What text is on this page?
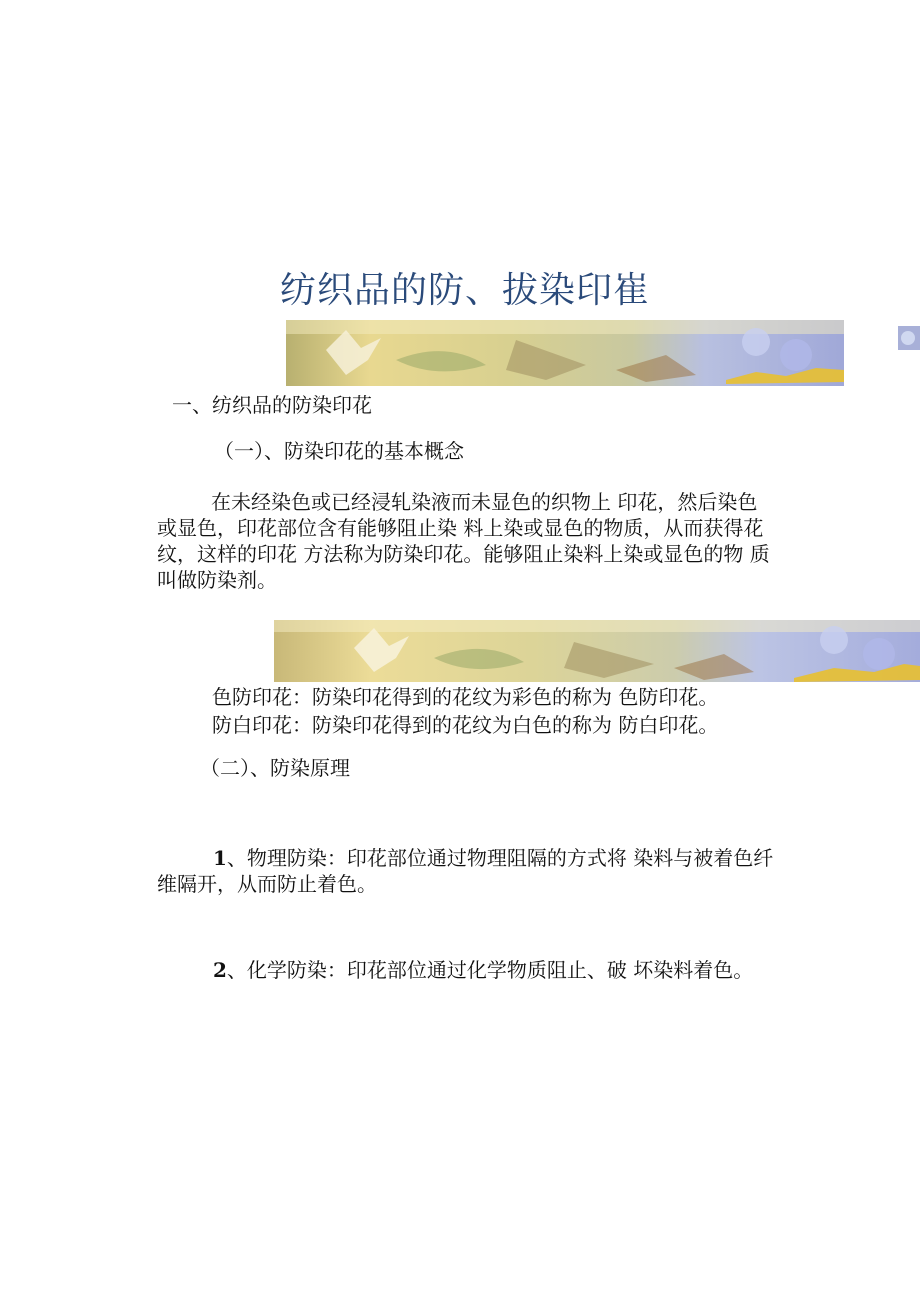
纺织品的防、拔染印崔
一、纺织品的防染印花
（一）、防染印花的基本概念
在未经染色或已经浸轧染液而未显色的织物上 印花，然后染色或显色，印花部位含有能够阻止染 料上染或显色的物质，从而获得花纹，这样的印花 方法称为防染印花。能够阻止染料上染或显色的物 质叫做防染剂。
色防印花：防染印花得到的花纹为彩色的称为 色防印花。
防白印花：防染印花得到的花纹为白色的称为 防白印花。
（二）、防染原理
1、物理防染：印花部位通过物理阻隔的方式将 染料与被着色纤维隔开，从而防止着色。
2、化学防染：印花部位通过化学物质阻止、破 坏染料着色。
